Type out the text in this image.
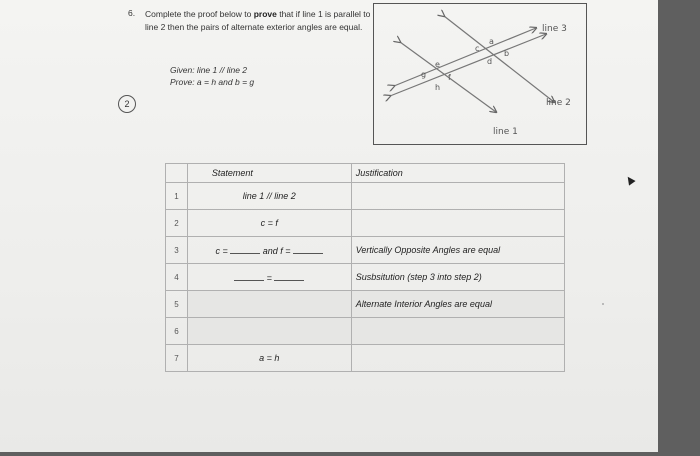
6. Complete the proof below to prove that if line 1 is parallel to line 2 then the pairs of alternate exterior angles are equal.
Given: line 1 // line 2
Prove: a = h and b = g
2
a
b
c
d
e
f
g
h
line 3
line 2
line 1
	Statement	Justification
1	line 1 // line 2	
2	c = f	
3	c = and f =	Vertically Opposite Angles are equal
4	=	Susbsitution (step 3 into step 2)
5		Alternate Interior Angles are equal
6		
7	a = h	
